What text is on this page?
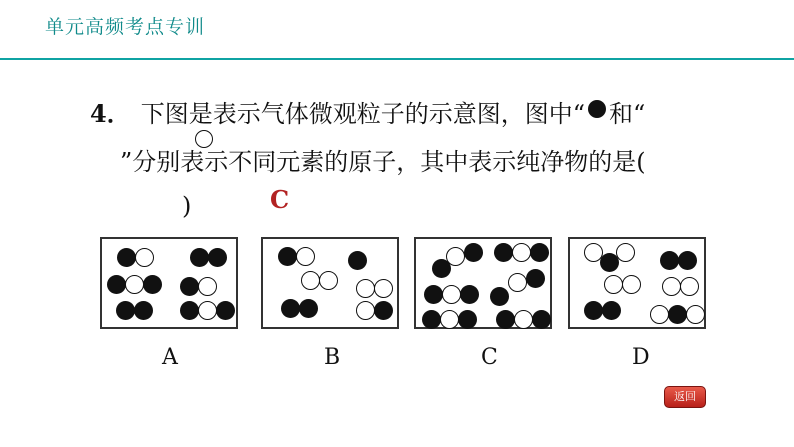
单元高频考点专训
4． 下图是表示气体微观粒子的示意图，图中“ 和“
”分别表示不同元素的原子，其中表示纯净物的是(
)	C
A	B	C	D
返回
